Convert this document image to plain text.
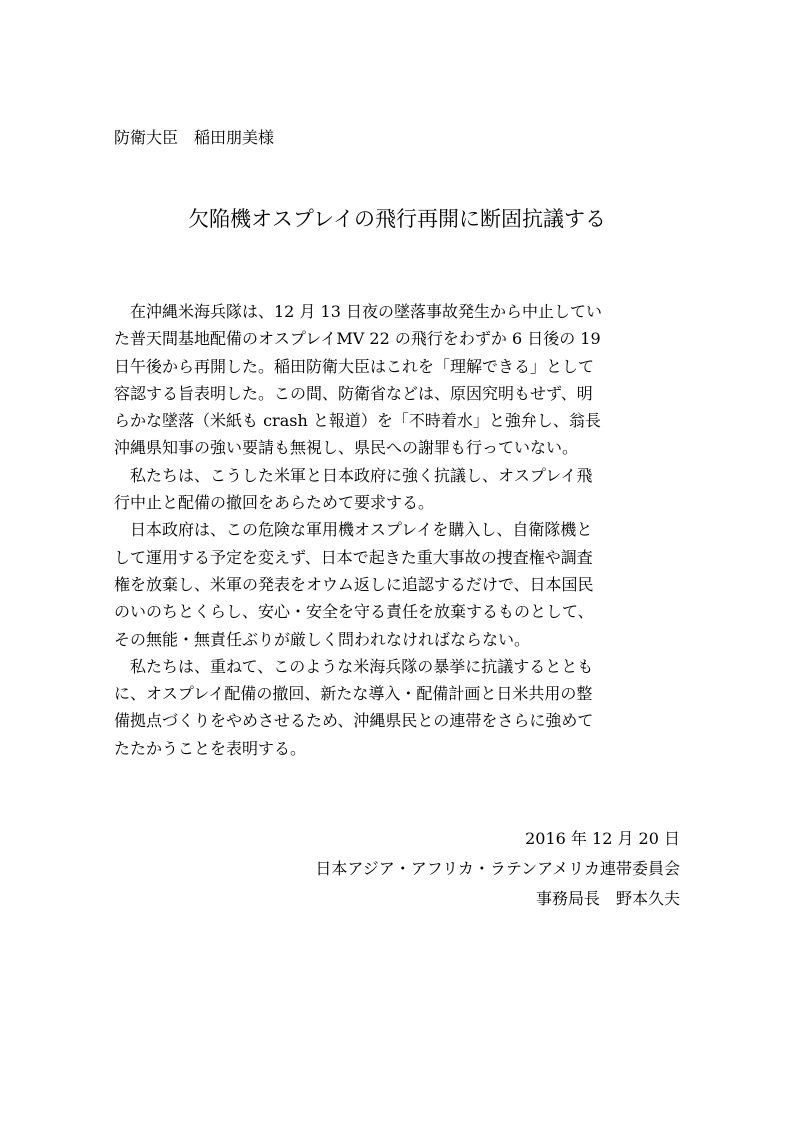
防衛大臣　稲田朋美様
欠陥機オスプレイの飛行再開に断固抗議する
　在沖縄米海兵隊は、12 月 13 日夜の墜落事故発生から中止してい
た普天間基地配備のオスプレイMV 22 の飛行をわずか 6 日後の 19
日午後から再開した。稲田防衛大臣はこれを「理解できる」として
容認する旨表明した。この間、防衛省などは、原因究明もせず、明
らかな墜落（米紙も crash と報道）を「不時着水」と強弁し、翁長
沖縄県知事の強い要請も無視し、県民への謝罪も行っていない。
　私たちは、こうした米軍と日本政府に強く抗議し、オスプレイ飛
行中止と配備の撤回をあらためて要求する。
　日本政府は、この危険な軍用機オスプレイを購入し、自衛隊機と
して運用する予定を変えず、日本で起きた重大事故の捜査権や調査
権を放棄し、米軍の発表をオウム返しに追認するだけで、日本国民
のいのちとくらし、安心・安全を守る責任を放棄するものとして、
その無能・無責任ぶりが厳しく問われなければならない。
　私たちは、重ねて、このような米海兵隊の暴挙に抗議するととも
に、オスプレイ配備の撤回、新たな導入・配備計画と日米共用の整
備拠点づくりをやめさせるため、沖縄県民との連帯をさらに強めて
たたかうことを表明する。
2016 年 12 月 20 日
日本アジア・アフリカ・ラテンアメリカ連帯委員会
事務局長　野本久夫
